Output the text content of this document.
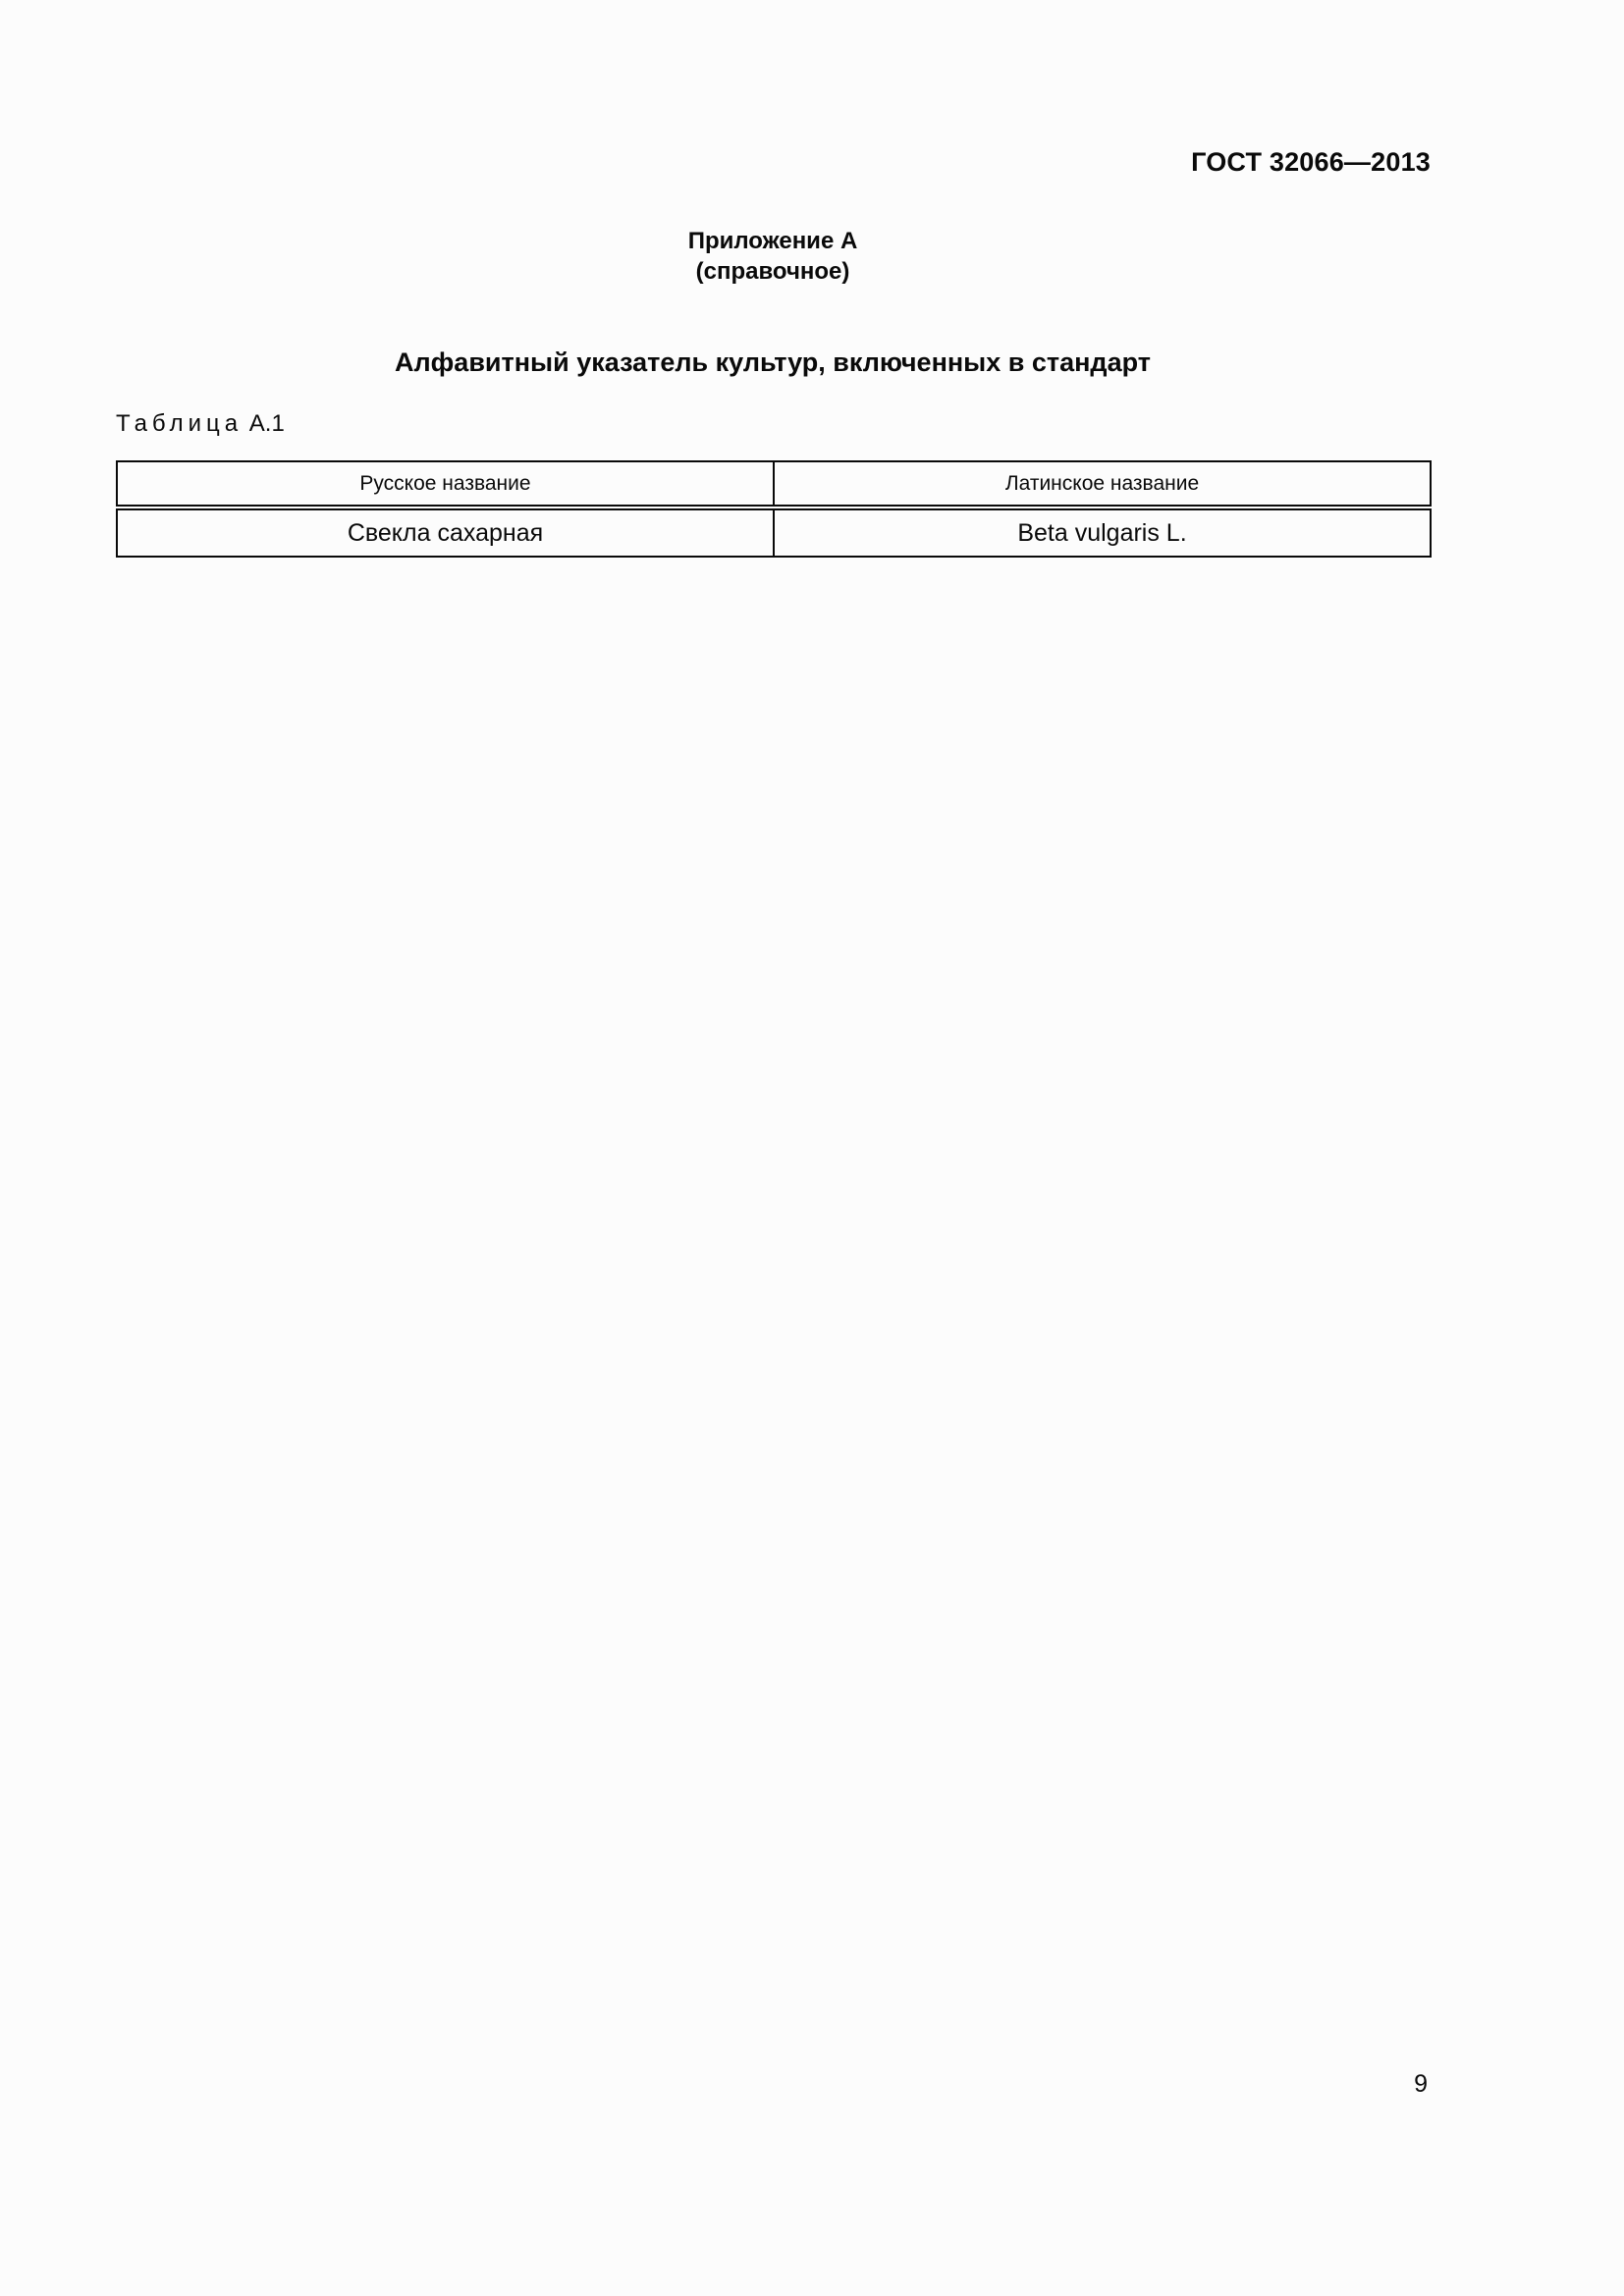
ГОСТ 32066—2013
Приложение А
(справочное)
Алфавитный указатель культур, включенных в стандарт
Таблица А.1
Русское название	Латинское название
Свекла сахарная	Beta vulgaris L.
9
